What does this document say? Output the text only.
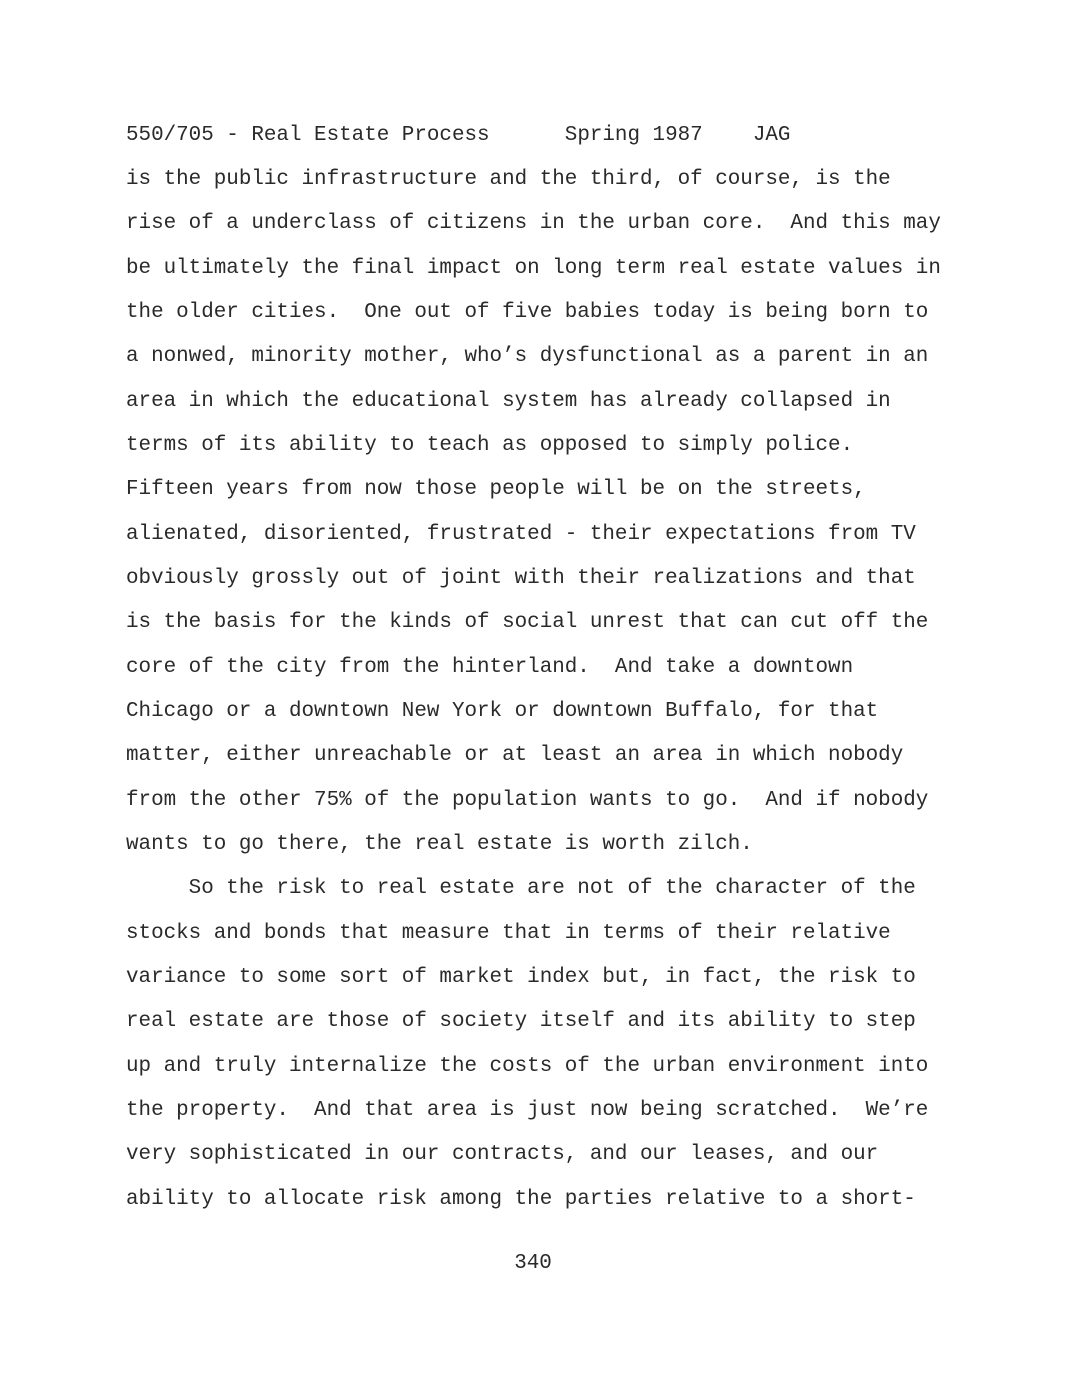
550/705 - Real Estate Process	Spring 1987 JAG
is the public infrastructure and the third, of course, is the
rise of a underclass of citizens in the urban core.  And this may
be ultimately the final impact on long term real estate values in
the older cities.  One out of five babies today is being born to
a nonwed, minority mother, who’s dysfunctional as a parent in an
area in which the educational system has already collapsed in
terms of its ability to teach as opposed to simply police.
Fifteen years from now those people will be on the streets,
alienated, disoriented, frustrated - their expectations from TV
obviously grossly out of joint with their realizations and that
is the basis for the kinds of social unrest that can cut off the
core of the city from the hinterland.  And take a downtown
Chicago or a downtown New York or downtown Buffalo, for that
matter, either unreachable or at least an area in which nobody
from the other 75% of the population wants to go.  And if nobody
wants to go there, the real estate is worth zilch.
So the risk to real estate are not of the character of the
stocks and bonds that measure that in terms of their relative
variance to some sort of market index but, in fact, the risk to
real estate are those of society itself and its ability to step
up and truly internalize the costs of the urban environment into
the property.  And that area is just now being scratched.  We’re
very sophisticated in our contracts, and our leases, and our
ability to allocate risk among the parties relative to a short-
340
